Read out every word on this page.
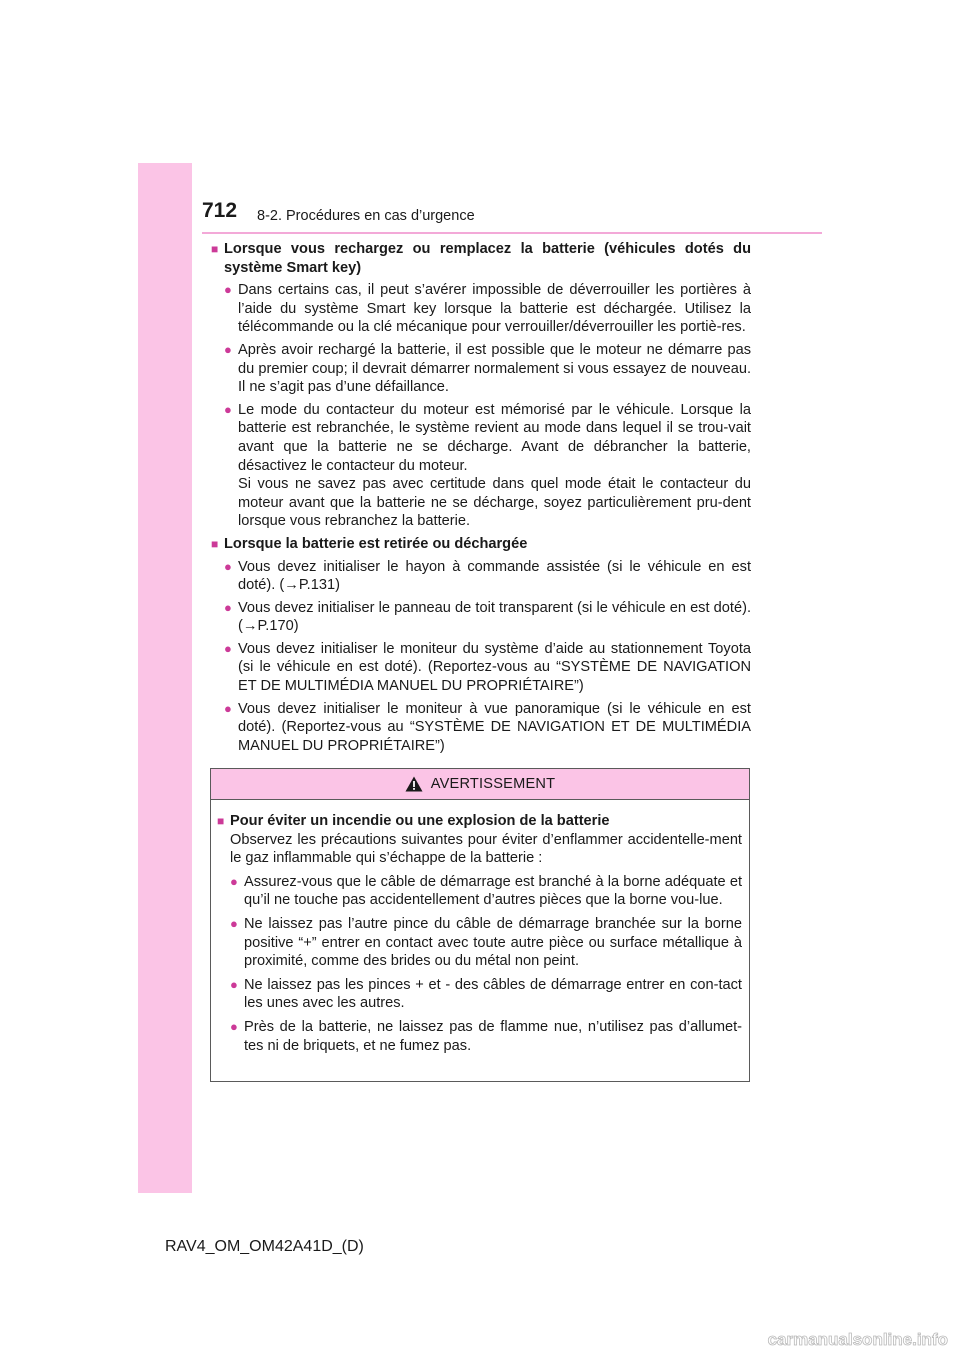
712 8-2. Procédures en cas d’urgence
■ Lorsque vous rechargez ou remplacez la batterie (véhicules dotés du système Smart key)
● Dans certains cas, il peut s’avérer impossible de déverrouiller les portières à l’aide du système Smart key lorsque la batterie est déchargée. Utilisez la télécommande ou la clé mécanique pour verrouiller/déverrouiller les portiè-res.
● Après avoir rechargé la batterie, il est possible que le moteur ne démarre pas du premier coup; il devrait démarrer normalement si vous essayez de nouveau. Il ne s’agit pas d’une défaillance.
● Le mode du contacteur du moteur est mémorisé par le véhicule. Lorsque la batterie est rebranchée, le système revient au mode dans lequel il se trou-vait avant que la batterie ne se décharge. Avant de débrancher la batterie, désactivez le contacteur du moteur.
Si vous ne savez pas avec certitude dans quel mode était le contacteur du moteur avant que la batterie ne se décharge, soyez particulièrement pru-dent lorsque vous rebranchez la batterie.
■ Lorsque la batterie est retirée ou déchargée
● Vous devez initialiser le hayon à commande assistée (si le véhicule en est doté). (→P.131)
● Vous devez initialiser le panneau de toit transparent (si le véhicule en est doté). (→P.170)
● Vous devez initialiser le moniteur du système d’aide au stationnement Toyota (si le véhicule en est doté). (Reportez-vous au “SYSTÈME DE NAVIGATION ET DE MULTIMÉDIA MANUEL DU PROPRIÉTAIRE”)
● Vous devez initialiser le moniteur à vue panoramique (si le véhicule en est doté). (Reportez-vous au “SYSTÈME DE NAVIGATION ET DE MULTIMÉDIA MANUEL DU PROPRIÉTAIRE”)
AVERTISSEMENT
■ Pour éviter un incendie ou une explosion de la batterie
Observez les précautions suivantes pour éviter d’enflammer accidentelle-ment le gaz inflammable qui s’échappe de la batterie :
● Assurez-vous que le câble de démarrage est branché à la borne adéquate et qu’il ne touche pas accidentellement d’autres pièces que la borne vou-lue.
● Ne laissez pas l’autre pince du câble de démarrage branchée sur la borne positive “+” entrer en contact avec toute autre pièce ou surface métallique à proximité, comme des brides ou du métal non peint.
● Ne laissez pas les pinces + et - des câbles de démarrage entrer en con-tact les unes avec les autres.
● Près de la batterie, ne laissez pas de flamme nue, n’utilisez pas d’allumet-tes ni de briquets, et ne fumez pas.
RAV4_OM_OM42A41D_(D)
carmanualsonline.info
